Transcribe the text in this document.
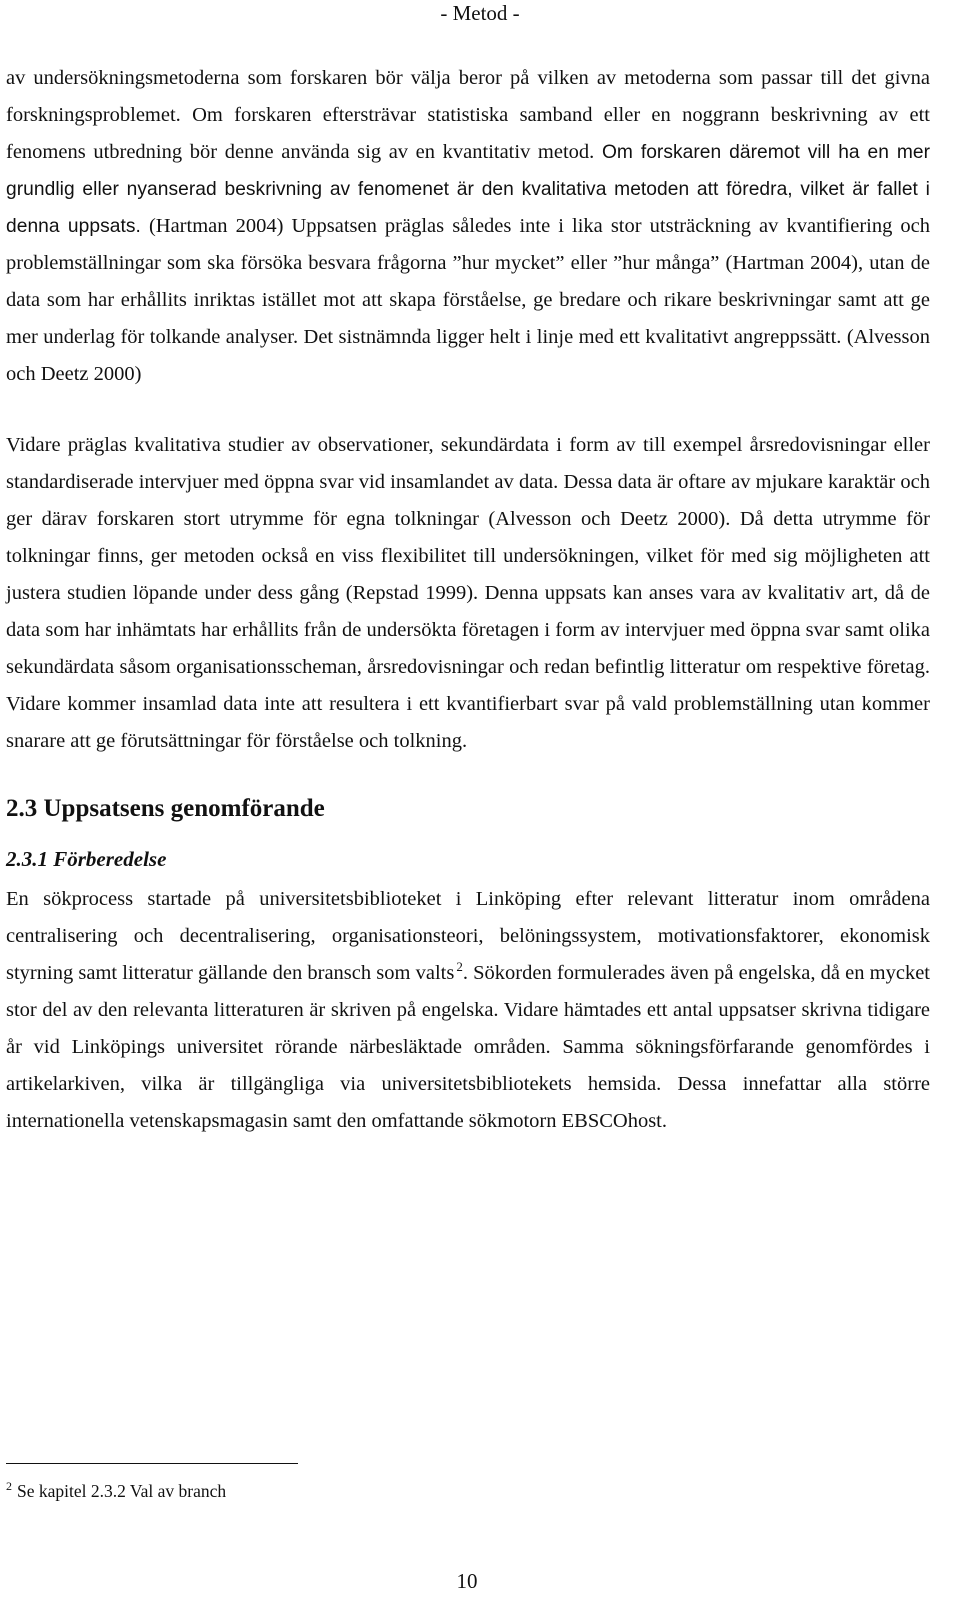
- Metod -

av undersökningsmetoderna som forskaren bör välja beror på vilken av metoderna som passar till det givna forskningsproblemet. Om forskaren eftersträvar statistiska samband eller en noggrann beskrivning av ett fenomens utbredning bör denne använda sig av en kvantitativ metod. Om forskaren däremot vill ha en mer grundlig eller nyanserad beskrivning av fenomenet är den kvalitativa metoden att föredra, vilket är fallet i denna uppsats. (Hartman 2004) Uppsatsen präglas således inte i lika stor utsträckning av kvantifiering och problemställningar som ska försöka besvara frågorna ”hur mycket” eller ”hur många” (Hartman 2004), utan de data som har erhållits inriktas istället mot att skapa förståelse, ge bredare och rikare beskrivningar samt att ge mer underlag för tolkande analyser. Det sistnämnda ligger helt i linje med ett kvalitativt angreppssätt. (Alvesson och Deetz 2000)

Vidare präglas kvalitativa studier av observationer, sekundärdata i form av till exempel årsredovisningar eller standardiserade intervjuer med öppna svar vid insamlandet av data. Dessa data är oftare av mjukare karaktär och ger därav forskaren stort utrymme för egna tolkningar (Alvesson och Deetz 2000). Då detta utrymme för tolkningar finns, ger metoden också en viss flexibilitet till undersökningen, vilket för med sig möjligheten att justera studien löpande under dess gång (Repstad 1999). Denna uppsats kan anses vara av kvalitativ art, då de data som har inhämtats har erhållits från de undersökta företagen i form av intervjuer med öppna svar samt olika sekundärdata såsom organisationsscheman, årsredovisningar och redan befintlig litteratur om respektive företag. Vidare kommer insamlad data inte att resultera i ett kvantifierbart svar på vald problemställning utan kommer snarare att ge förutsättningar för förståelse och tolkning.

2.3 Uppsatsens genomförande
2.3.1 Förberedelse

En sökprocess startade på universitetsbiblioteket i Linköping efter relevant litteratur inom områdena centralisering och decentralisering, organisationsteori, belöningssystem, motivationsfaktorer, ekonomisk styrning samt litteratur gällande den bransch som valts $^2$. Sökorden formulerades även på engelska, då en mycket stor del av den relevanta litteraturen är skriven på engelska. Vidare hämtades ett antal uppsatser skrivna tidigare år vid Linköpings universitet rörande närbesläktade områden. Samma sökningsförfarande genomfördes i artikelarkiven, vilka är tillgängliga via universitetsbibliotekets hemsida. Dessa innefattar alla större internationella vetenskapsmagasin samt den omfattande sökmotorn EBSCOhost.

$^2$ Se kapitel 2.3.2 Val av branch
10
